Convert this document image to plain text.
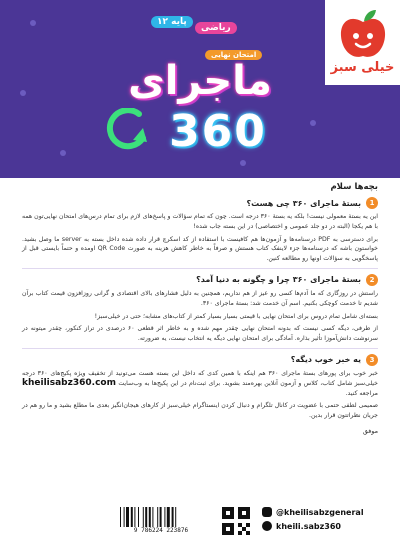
پایه ۱۲
ریاضی
امتحان نهایی
ماجرای
360
خیلی سبز
بچه‌ها سلام
1
بستهٔ ماجرای ۳۶۰ چی هست؟

این یه بستهٔ معمولی نیست! بلکه یه بستهٔ ۳۶۰ درجه است. چون که تمام سؤالات و پاسخ‌های لازم برای تمام درس‌های امتحان نهایی‌تون همه با هم یکجا (البته در دو جلد عمومی و اختصاصی) در این بسته جاب شده!

برای دسترسی به PDF درسنامه‌ها و آزمون‌ها هم کافیست با استفاده از کد اسکرچ قرار داده شده داخل بسته به server ما وصل بشید. خواستون باشه که درسنامه‌ها جزء لاینفک کتاب هستش و صرفاً به خاطر کاهش هزینه به صورت QR Code اومده و حتماً بایستی قبل از پاسخگویی به سؤالات اونها رو مطالعه کنین.

2
بستهٔ ماجرای ۳۶۰ چرا و چگونه به دنیا آمد؟

راستش در روزگاری که ما آدم‌ها کسی رو عیز از هم نداریم، همچنین به دلیل فشارهای بالای اقتصادی و گرانی روزافزون قیمت کتاب برآن شدیم تا خدمت کوچکی بکنیم. اسم آن خدمت شد: بستهٔ ماجرای ۳۶۰.

بسته‌ای شامل تمام دروس برای امتحان نهایی با قیمتی بسیار بسیار کمتر از کتاب‌های مشابه؛ حتی در خیلی‌سبز!

از طرفی، دیگه کسی نیست که بدونه امتحان نهایی چقدر مهم شده و به خاطر اثر قطعی ۶۰ درصدی در تراز کنکور، چقدر میتونه در سرنوشت دانش‌آموزا تأثیر بذاره. آمادگی برای امتحان نهایی دیگه یه انتخاب نیست، یه ضرورته.

3
یه خبر خوب دیگه؟

خبر خوب برای پورهای بستهٔ ماجرای ۳۶۰ هم اینکه با همین کدی که داخل این بسته هست می‌تونید از تخفیف ویژه پکیج‌های ۳۶۰ درجه خیلی‌سبز شامل کتاب، کلاس و آزمون آنلاین بهره‌مند بشوید. برای ثبت‌نام در این پکیج‌ها به وب‌سایت kheilisabz360.com مراجعه کنید.

صمیمی لطفی حتمی با عضویت در کانال تلگرام و دنبال کردن اینستاگرام خیلی‌سبز از کارهای هیجان‌انگیز بعدی ما مطلع بشید و ما رو هم در جریان نظراتتون قرار بدین.

موفق
9 786224 223876
@kheilisabzgeneral
kheili.sabz360
